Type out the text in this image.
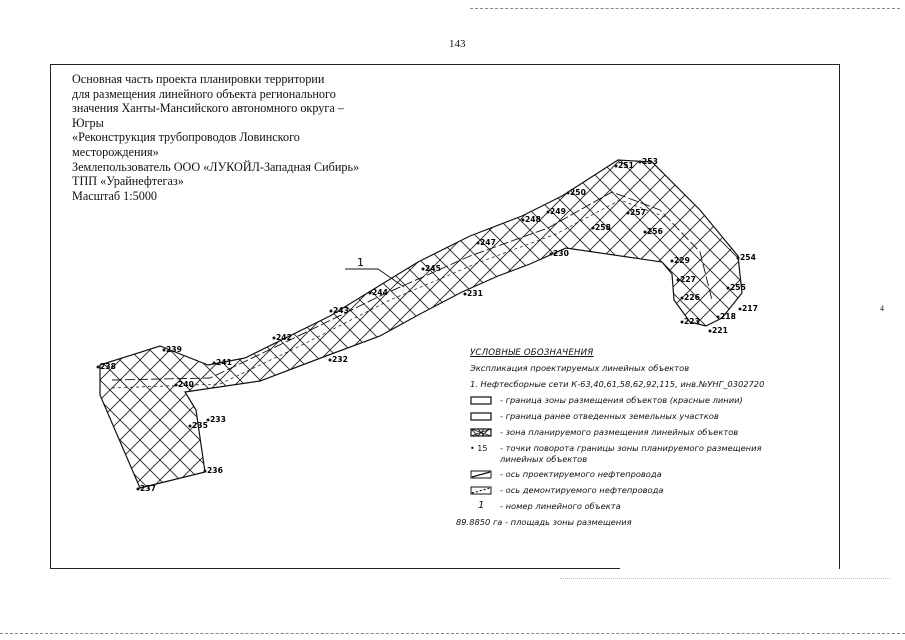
143
4
Основная часть проекта планировки территории
для размещения линейного объекта регионального
значения Ханты-Мансийского автономного округа –
Югры
«Реконструкция трубопроводов Ловинского
месторождения»
Землепользователь ООО «ЛУКОЙЛ-Западная Сибирь»
ТПП «Урайнефтегаз»
Масштаб 1:5000
1
251 253
250
249	257
248
258	256
247
230
229	254
245
227
255
244	231	226
217
243
218
223
221
242
239
241
238
232
240
235
233
236
237
УСЛОВНЫЕ ОБОЗНАЧЕНИЯ
Экспликация проектируемых линейных объектов
1. Нефтесборные сети К-63,40,61,58,62,92,115, инв.№УНГ_0302720
- граница зоны размещения объектов (красные линии)
- граница ранее отведенных земельных участков
- зона планируемого размещения линейных объектов
• 15	- точки поворота границы зоны планируемого размещения линейных объектов
- ось проектируемого нефтепровода
- ось демонтируемого нефтепровода
1	- номер линейного объекта
89.8850 га - площадь зоны размещения
